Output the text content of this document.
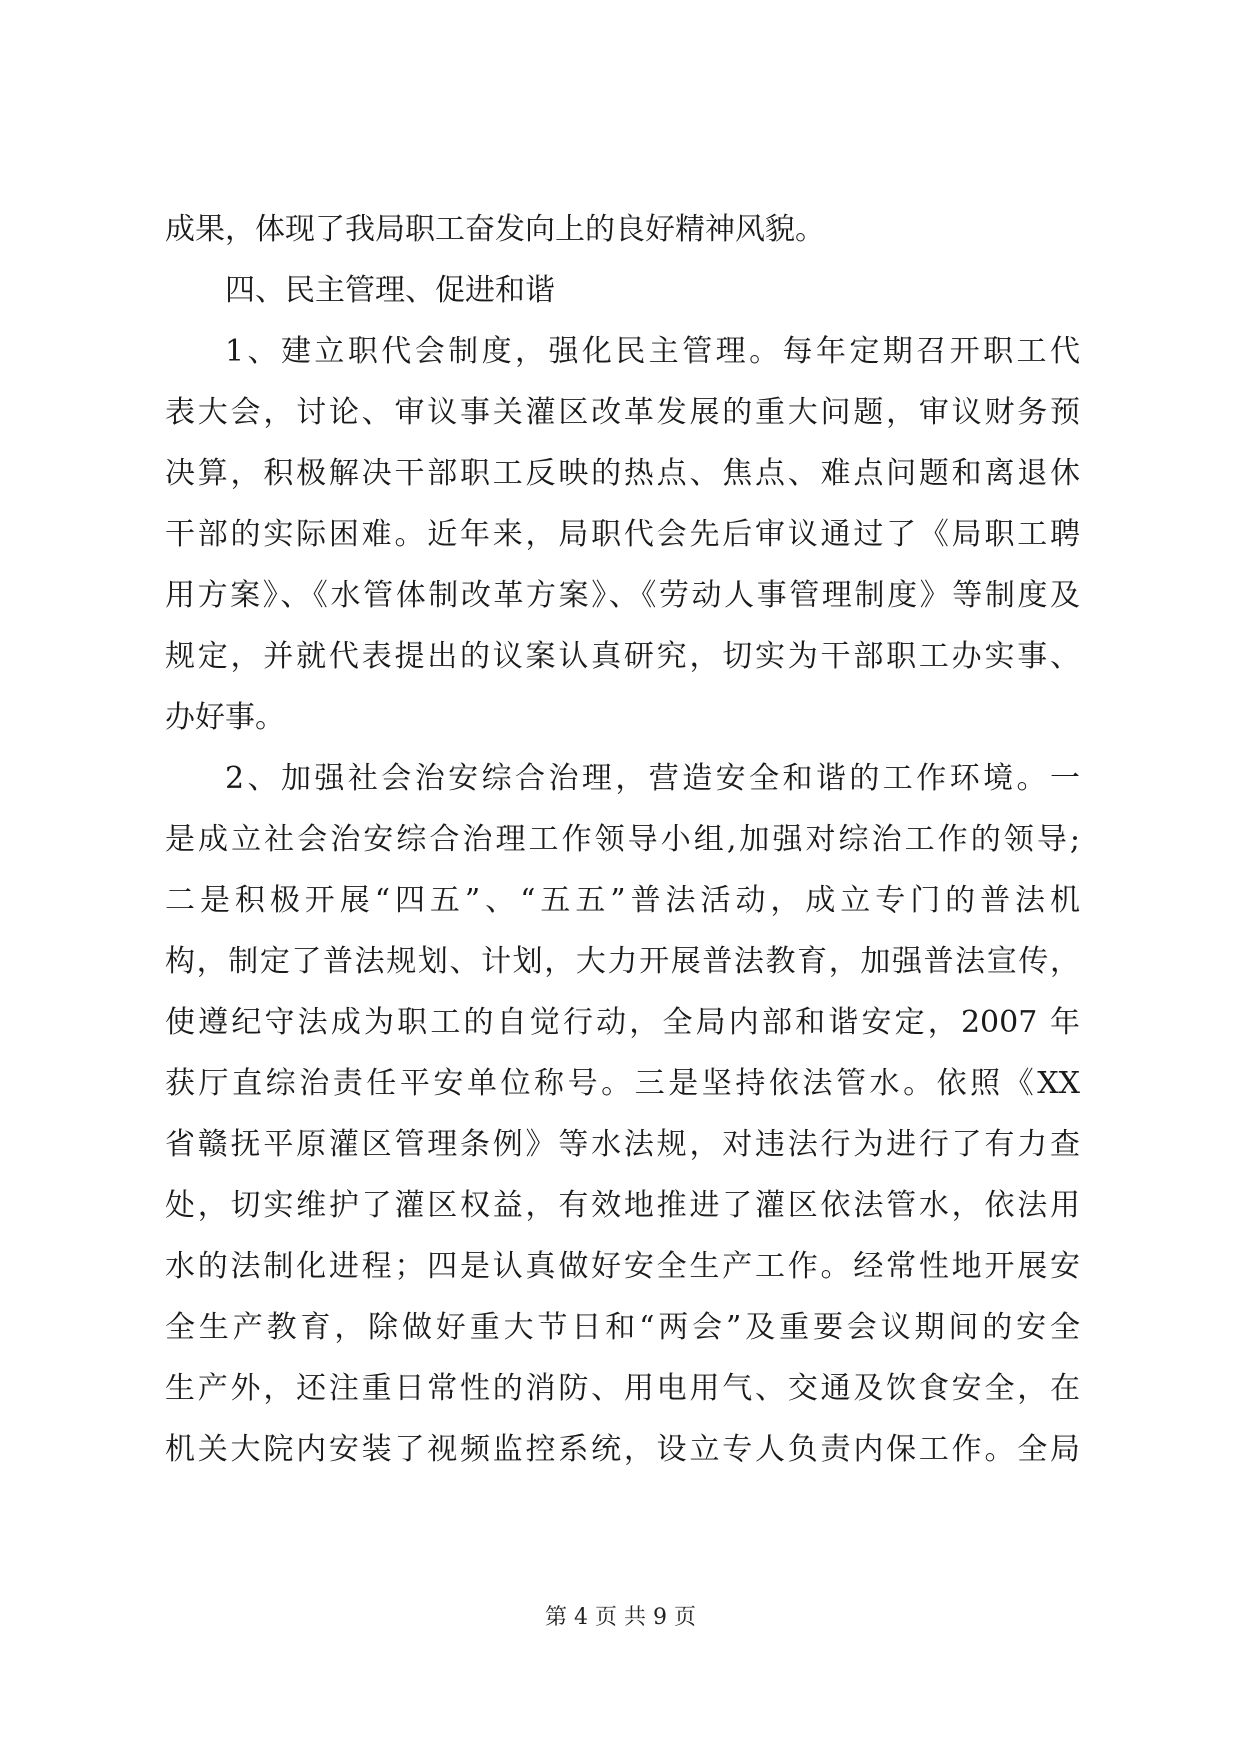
成果，体现了我局职工奋发向上的良好精神风貌。
四、民主管理、促进和谐
1、建立职代会制度，强化民主管理。每年定期召开职工代
表大会，讨论、审议事关灌区改革发展的重大问题，审议财务预
决算，积极解决干部职工反映的热点、焦点、难点问题和离退休
干部的实际困难。近年来，局职代会先后审议通过了《局职工聘
用方案》、《水管体制改革方案》、《劳动人事管理制度》等制度及
规定，并就代表提出的议案认真研究，切实为干部职工办实事、
办好事。
2、加强社会治安综合治理，营造安全和谐的工作环境。一
是成立社会治安综合治理工作领导小组,加强对综治工作的领导;
二是积极开展“四五”、“五五”普法活动，成立专门的普法机
构，制定了普法规划、计划，大力开展普法教育，加强普法宣传，
使遵纪守法成为职工的自觉行动，全局内部和谐安定，2007 年
获厅直综治责任平安单位称号。三是坚持依法管水。依照《XX
省赣抚平原灌区管理条例》等水法规，对违法行为进行了有力查
处，切实维护了灌区权益，有效地推进了灌区依法管水，依法用
水的法制化进程；四是认真做好安全生产工作。经常性地开展安
全生产教育，除做好重大节日和“两会”及重要会议期间的安全
生产外，还注重日常性的消防、用电用气、交通及饮食安全，在
机关大院内安装了视频监控系统，设立专人负责内保工作。全局
第 4 页 共 9 页
